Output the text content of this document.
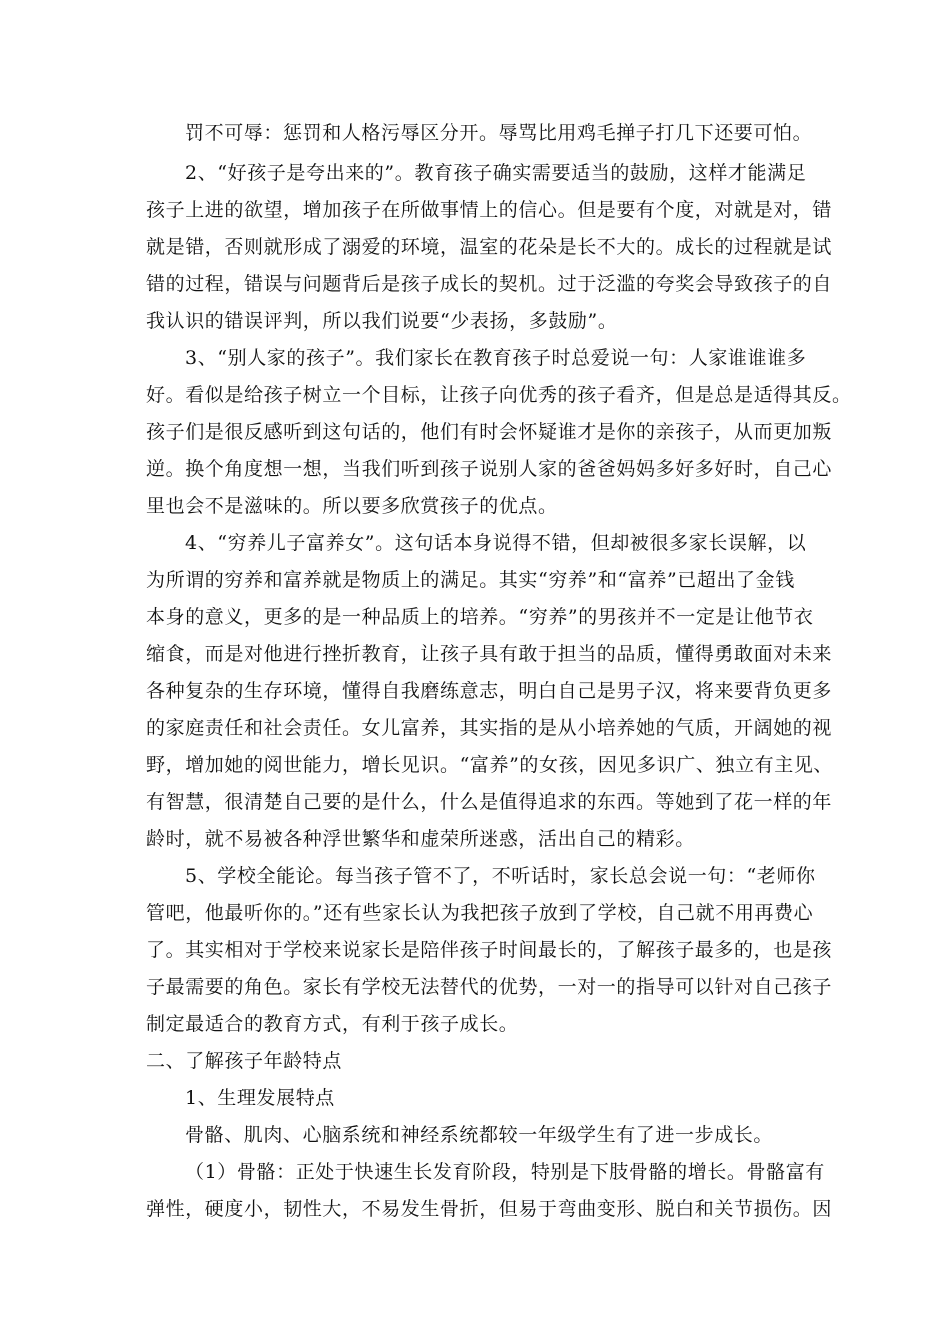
罚不可辱：惩罚和人格污辱区分开。辱骂比用鸡毛掸子打几下还要可怕。
2、“好孩子是夸出来的”。教育孩子确实需要适当的鼓励，这样才能满足
孩子上进的欲望，增加孩子在所做事情上的信心。但是要有个度，对就是对，错
就是错，否则就形成了溺爱的环境，温室的花朵是长不大的。成长的过程就是试
错的过程，错误与问题背后是孩子成长的契机。过于泛滥的夸奖会导致孩子的自
我认识的错误评判，所以我们说要“少表扬，多鼓励”。
3、“别人家的孩子”。我们家长在教育孩子时总爱说一句：人家谁谁谁多
好。看似是给孩子树立一个目标，让孩子向优秀的孩子看齐，但是总是适得其反。
孩子们是很反感听到这句话的，他们有时会怀疑谁才是你的亲孩子，从而更加叛
逆。换个角度想一想，当我们听到孩子说别人家的爸爸妈妈多好多好时，自己心
里也会不是滋味的。所以要多欣赏孩子的优点。
4、“穷养儿子富养女”。这句话本身说得不错，但却被很多家长误解，以
为所谓的穷养和富养就是物质上的满足。其实“穷养”和“富养”已超出了金钱
本身的意义，更多的是一种品质上的培养。“穷养”的男孩并不一定是让他节衣
缩食，而是对他进行挫折教育，让孩子具有敢于担当的品质，懂得勇敢面对未来
各种复杂的生存环境，懂得自我磨练意志，明白自己是男子汉，将来要背负更多
的家庭责任和社会责任。女儿富养，其实指的是从小培养她的气质，开阔她的视
野，增加她的阅世能力，增长见识。“富养”的女孩，因见多识广、独立有主见、
有智慧，很清楚自己要的是什么，什么是值得追求的东西。等她到了花一样的年
龄时，就不易被各种浮世繁华和虚荣所迷惑，活出自己的精彩。
5、学校全能论。每当孩子管不了，不听话时，家长总会说一句：“老师你
管吧，他最听你的。”还有些家长认为我把孩子放到了学校，自己就不用再费心
了。其实相对于学校来说家长是陪伴孩子时间最长的，了解孩子最多的，也是孩
子最需要的角色。家长有学校无法替代的优势，一对一的指导可以针对自己孩子
制定最适合的教育方式，有利于孩子成长。
二、了解孩子年龄特点
1、生理发展特点
骨骼、肌肉、心脑系统和神经系统都较一年级学生有了进一步成长。
（1）骨骼：正处于快速生长发育阶段，特别是下肢骨骼的增长。骨骼富有
弹性，硬度小，韧性大，不易发生骨折，但易于弯曲变形、脱白和关节损伤。因
